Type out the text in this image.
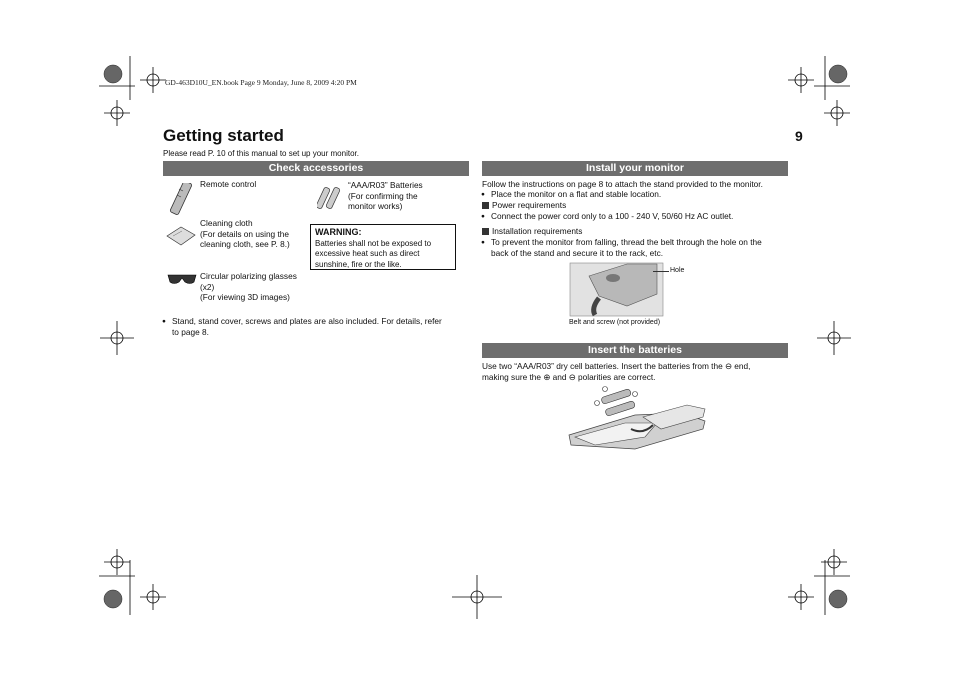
GD-463D10U_EN.book Page 9 Monday, June 8, 2009 4:20 PM
Getting started	9
Please read P. 10 of this manual to set up your monitor.
Check accessories
Remote control	“AAA/R03” Batteries
(For confirming the
monitor works)
Cleaning cloth
(For details on using the
cleaning cloth, see P. 8.)
WARNING:
Batteries shall not be exposed to
excessive heat such as direct
sunshine, fire or the like.
Circular polarizing glasses
(x2)
(For viewing 3D images)
● Stand, stand cover, screws and plates are also included. For details, refer
to page 8.
Install your monitor
Follow the instructions on page 8 to attach the stand provided to the monitor.
● Place the monitor on a flat and stable location.
Power requirements
● Connect the power cord only to a 100 - 240 V, 50/60 Hz AC outlet.
Installation requirements
● To prevent the monitor from falling, thread the belt through the hole on the
back of the stand and secure it to the rack, etc.
Hole
Belt and screw (not provided)
Insert the batteries
Use two “AAA/R03” dry cell batteries. Insert the batteries from the ⊖ end,
making sure the ⊕ and ⊖ polarities are correct.
